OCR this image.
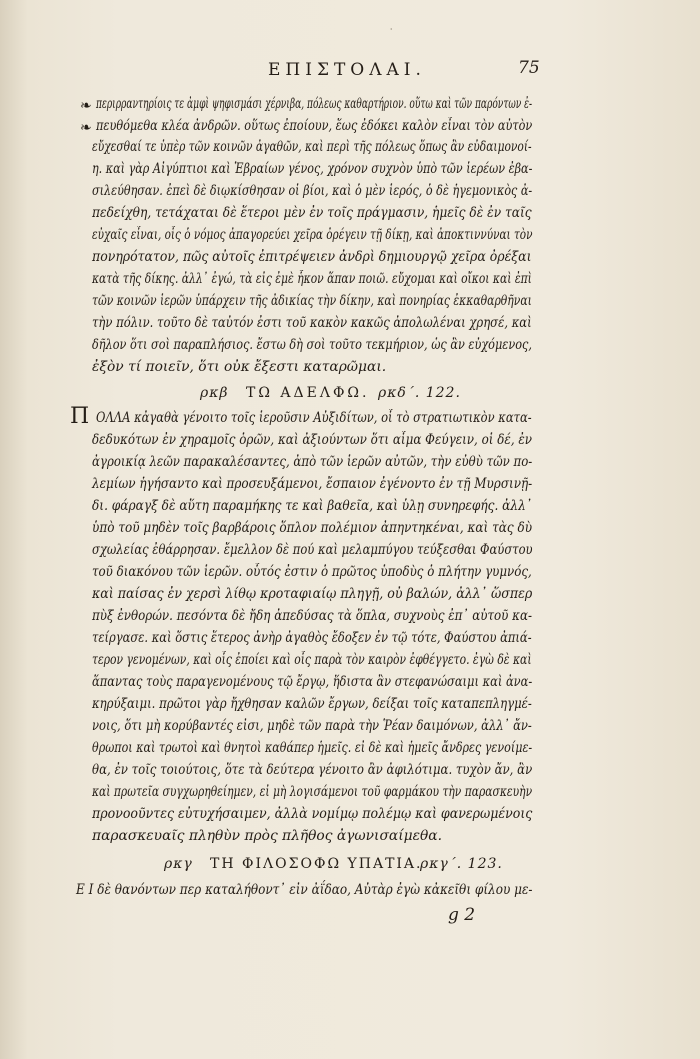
⸱
ΕΠΙΣΤΟΛΑΙ.	75
❧
❧
περιρραντηρίοις τε ἀμφὶ ψηφισμάσι χέρνιβα, πόλεως καθαρτήριον. οὕτω καὶ τῶν παρόντων ἐ-
πευθόμεθα κλέα ἀνδρῶν. οὕτως ἐποίουν, ἕως ἐδόκει καλὸν εἶναι τὸν αὐτὸν
εὔχεσθαί τε ὑπὲρ τῶν κοινῶν ἀγαθῶν, καὶ περὶ τῆς πόλεως ὅπως ἂν εὐδαιμονοί-
η. καὶ γὰρ Αἰγύπτιοι καὶ Ἑβραίων γένος, χρόνον συχνὸν ὑπὸ τῶν ἱερέων ἐβα-
σιλεύθησαν. ἐπεὶ δὲ διῳκίσθησαν οἱ βίοι, καὶ ὁ μὲν ἱερός, ὁ δὲ ἡγεμονικὸς ἀ-
πεδείχθη, τετάχαται δὲ ἕτεροι μὲν ἐν τοῖς πράγμασιν, ἡμεῖς δὲ ἐν ταῖς
εὐχαῖς εἶναι, οἷς ὁ νόμος ἀπαγορεύει χεῖρα ὀρέγειν τῇ δίκῃ, καὶ ἀποκτιννύναι τὸν
πονηρότατον, πῶς αὐτοῖς ἐπιτρέψειεν ἀνδρὶ δημιουργῷ χεῖρα ὀρέξαι
κατὰ τῆς δίκης. ἀλλ᾽ ἐγώ, τὰ εἰς ἐμὲ ἧκον ἅπαν ποιῶ. εὔχομαι καὶ οἴκοι καὶ ἐπὶ
τῶν κοινῶν ἱερῶν ὑπάρχειν τῆς ἀδικίας τὴν δίκην, καὶ πονηρίας ἐκκαθαρθῆναι
τὴν πόλιν. τοῦτο δὲ ταὐτόν ἐστι τοῦ κακὸν κακῶς ἀπολωλέναι χρησέ, καὶ
δῆλον ὅτι σοὶ παραπλήσιος. ἔστω δὴ σοὶ τοῦτο τεκμήριον, ὡς ἂν εὐχόμενος,
ἐξὸν τί ποιεῖν, ὅτι οὐκ ἔξεστι καταρῶμαι.
ρκβ ΤΩ ΑΔΕΛΦΩ. ρκδ´. 122.
Π ΟΛΛΑ κἀγαθὰ γένοιτο τοῖς ἱεροῦσιν Αὐξιδίτων, οἷ τὸ στρατιωτικὸν κατα-
δεδυκότων ἐν χηραμοῖς ὁρῶν, καὶ ἀξιούντων ὅτι αἷμα Φεύγειν, οἱ δέ, ἐν
ἀγροικίᾳ λεῶν παρακαλέσαντες, ἀπὸ τῶν ἱερῶν αὐτῶν, τὴν εὐθὺ τῶν πο-
λεμίων ἡγήσαντο καὶ προσευξάμενοι, ἔσπαιον ἐγένοντο ἐν τῇ Μυρσινῇ-
δι. φάραγξ δὲ αὕτη παραμήκης τε καὶ βαθεῖα, καὶ ὑλῃ συνηρεφής. ἀλλ᾽
ὑπὸ τοῦ μηδὲν τοῖς βαρβάροις ὅπλον πολέμιον ἀπηντηκέναι, καὶ τὰς δὺ
σχωλείας ἐθάρρησαν. ἔμελλον δὲ πού καὶ μελαμπύγου τεύξεσθαι Φαύστου
τοῦ διακόνου τῶν ἱερῶν. οὗτός ἐστιν ὁ πρῶτος ὑποδὺς ὁ πλήτην γυμνός,
καὶ παίσας ἐν χερσὶ λίθῳ κροταφιαίῳ πληγῇ, οὐ βαλών, ἀλλ᾽ ὥσπερ
πὺξ ἐνθορών. πεσόντα δὲ ἤδη ἀπεδύσας τὰ ὅπλα, συχνοὺς ἐπ᾽ αὐτοῦ κα-
τείργασε. καὶ ὅστις ἕτερος ἀνὴρ ἀγαθὸς ἔδοξεν ἐν τῷ τότε, Φαύστου ἀπιά-
τερον γενομένων, καὶ οἷς ἐποίει καὶ οἷς παρὰ τὸν καιρὸν ἐφθέγγετο. ἐγὼ δὲ καὶ
ἅπαντας τοὺς παραγενομένους τῷ ἔργῳ, ἥδιστα ἂν στεφανώσαιμι καὶ ἀνα-
κηρύξαιμι. πρῶτοι γὰρ ἤχθησαν καλῶν ἔργων, δείξαι τοῖς καταπεπληγμέ-
νοις, ὅτι μὴ κορύβαντές εἰσι, μηδὲ τῶν παρὰ τὴν Ῥέαν δαιμόνων, ἀλλ᾽ ἄν-
θρωποι καὶ τρωτοὶ καὶ θνητοὶ καθάπερ ἡμεῖς. εἰ δὲ καὶ ἡμεῖς ἄνδρες γενοίμε-
θα, ἐν τοῖς τοιούτοις, ὅτε τὰ δεύτερα γένοιτο ἂν ἀφιλότιμα. τυχὸν ἄν, ἂν
καὶ πρωτεῖα συγχωρηθείημεν, εἰ μὴ λογισάμενοι τοῦ φαρμάκου τὴν παρασκευὴν
προνοοῦντες εὐτυχήσαιμεν, ἀλλὰ νομίμῳ πολέμῳ καὶ φανερωμένοις
παρασκευαῖς πληθὺν πρὸς πλῆθος ἀγωνισαίμεθα.
ρκγ ΤΗ ΦΙΛΟΣΟΦΩ ΥΠΑΤΙΑ.
ρκγ´. 123.
Ε Ι δὲ θανόντων περ καταλήθοντ᾽ εἰν ἀΐδαο, Αὐτὰρ ἐγὼ κἀκεῖθι φίλου με-
g 2
